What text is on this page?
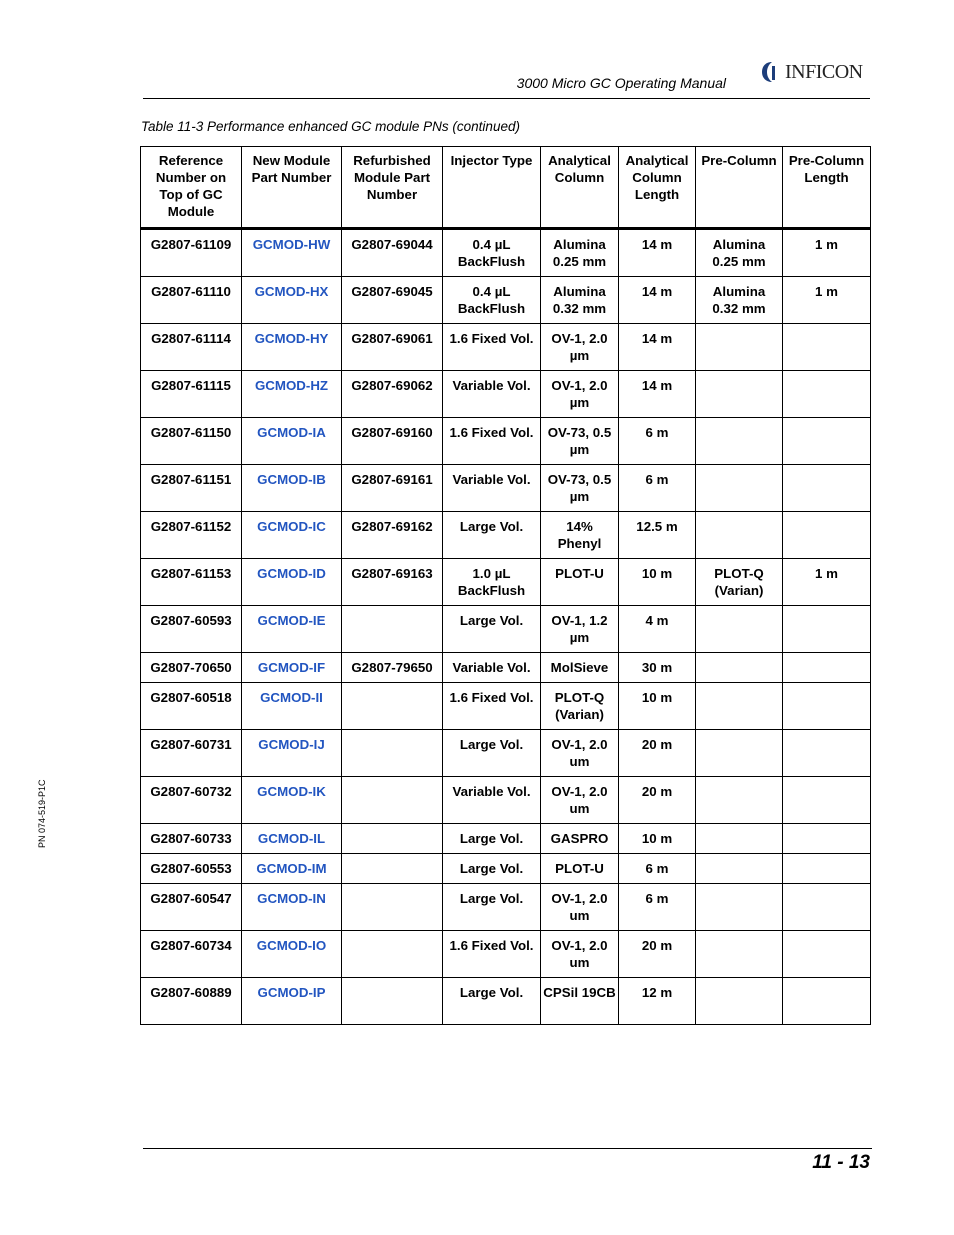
3000 Micro GC Operating Manual
INFICON
Table 11-3 Performance enhanced GC module PNs (continued)
Reference Number on Top of GC Module	New Module Part Number	Refurbished Module Part Number	Injector Type	Analytical Column	Analytical Column Length	Pre-Column	Pre-Column Length
G2807-61109	GCMOD-HW	G2807-69044	0.4 µL BackFlush	Alumina 0.25 mm	14 m	Alumina 0.25 mm	1 m
G2807-61110	GCMOD-HX	G2807-69045	0.4 µL BackFlush	Alumina 0.32 mm	14 m	Alumina 0.32 mm	1 m
G2807-61114	GCMOD-HY	G2807-69061	1.6 Fixed Vol.	OV-1, 2.0 µm	14 m		
G2807-61115	GCMOD-HZ	G2807-69062	Variable Vol.	OV-1, 2.0 µm	14 m		
G2807-61150	GCMOD-IA	G2807-69160	1.6 Fixed Vol.	OV-73, 0.5 µm	6 m		
G2807-61151	GCMOD-IB	G2807-69161	Variable Vol.	OV-73, 0.5 µm	6 m		
G2807-61152	GCMOD-IC	G2807-69162	Large Vol.	14% Phenyl	12.5 m		
G2807-61153	GCMOD-ID	G2807-69163	1.0 µL BackFlush	PLOT-U	10 m	PLOT-Q (Varian)	1 m
G2807-60593	GCMOD-IE		Large Vol.	OV-1, 1.2 µm	4 m		
G2807-70650	GCMOD-IF	G2807-79650	Variable Vol.	MolSieve	30 m		
G2807-60518	GCMOD-II		1.6 Fixed Vol.	PLOT-Q (Varian)	10 m		
G2807-60731	GCMOD-IJ		Large Vol.	OV-1, 2.0 um	20 m		
G2807-60732	GCMOD-IK		Variable Vol.	OV-1, 2.0 um	20 m		
G2807-60733	GCMOD-IL		Large Vol.	GASPRO	10 m		
G2807-60553	GCMOD-IM		Large Vol.	PLOT-U	6 m		
G2807-60547	GCMOD-IN		Large Vol.	OV-1, 2.0 um	6 m		
G2807-60734	GCMOD-IO		1.6 Fixed Vol.	OV-1, 2.0 um	20 m		
G2807-60889	GCMOD-IP		Large Vol.	CPSil 19CB	12 m		
PN 074-519-P1C
11 - 13
